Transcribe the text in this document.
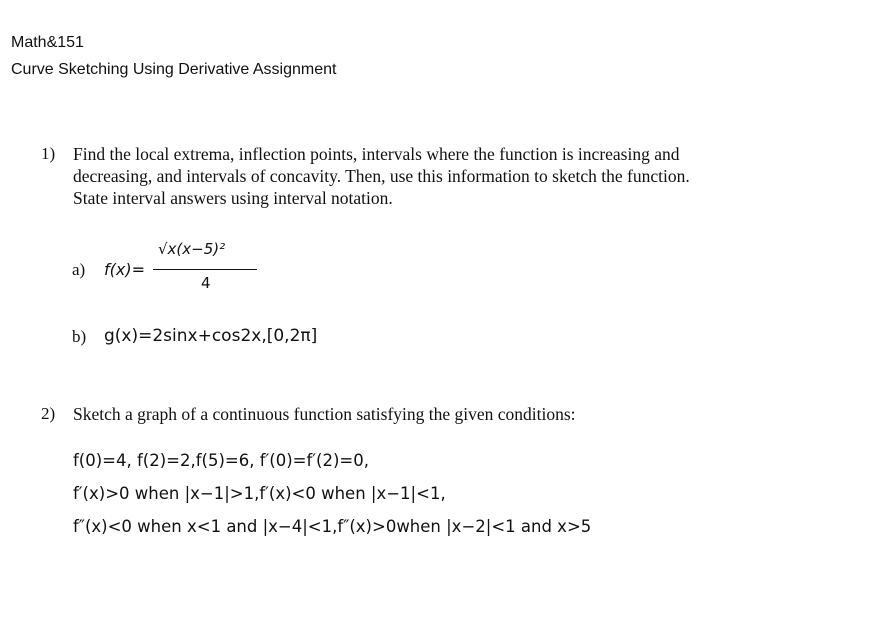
Math&151
Curve Sketching Using Derivative Assignment
1) Find the local extrema, inflection points, intervals where the function is increasing and
decreasing, and intervals of concavity. Then, use this information to sketch the function.
State interval answers using interval notation.
a) f(x)=
√x(x−5)²
4
b) g(x)=2sinx+cos2x,[0,2π]
2) Sketch a graph of a continuous function satisfying the given conditions:
f(0)=4, f(2)=2,f(5)=6, f′(0)=f′(2)=0,
f′(x)>0 when |x−1|>1,f′(x)<0 when |x−1|<1,
f″(x)<0 when x<1 and |x−4|<1,f″(x)>0when |x−2|<1 and x>5
